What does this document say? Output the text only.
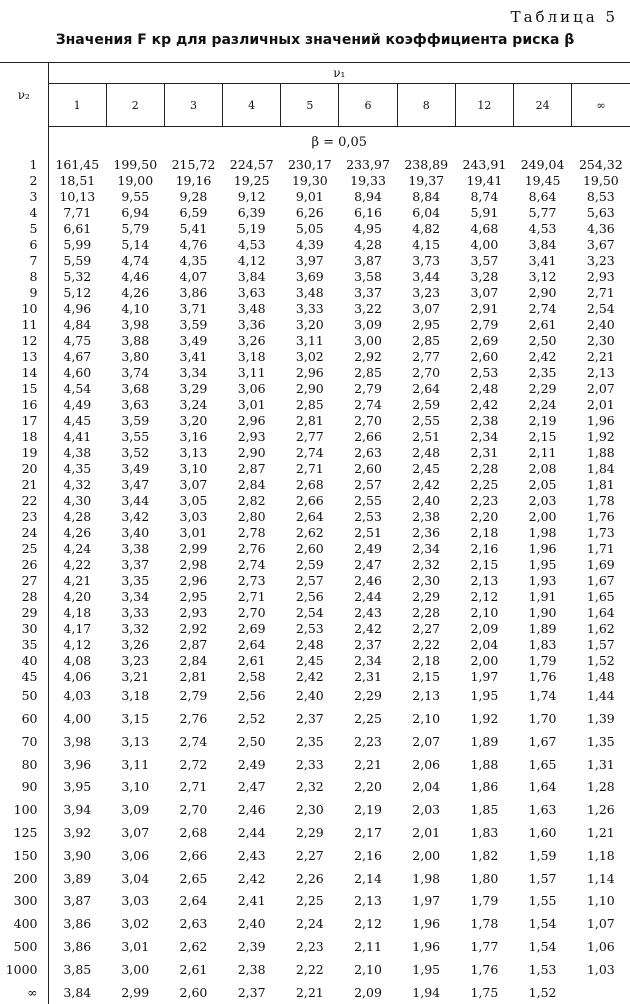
Таблица 5
Значения F кр для различных значений коэффициента риска β
ν₂	ν₁									
	1	2	3	4	5	6	8	12	24	∞
	β = 0,05									
1	161,45	199,50	215,72	224,57	230,17	233,97	238,89	243,91	249,04	254,32
2	18,51	19,00	19,16	19,25	19,30	19,33	19,37	19,41	19,45	19,50
3	10,13	9,55	9,28	9,12	9,01	8,94	8,84	8,74	8,64	8,53
4	7,71	6,94	6,59	6,39	6,26	6,16	6,04	5,91	5,77	5,63
5	6,61	5,79	5,41	5,19	5,05	4,95	4,82	4,68	4,53	4,36
6	5,99	5,14	4,76	4,53	4,39	4,28	4,15	4,00	3,84	3,67
7	5,59	4,74	4,35	4,12	3,97	3,87	3,73	3,57	3,41	3,23
8	5,32	4,46	4,07	3,84	3,69	3,58	3,44	3,28	3,12	2,93
9	5,12	4,26	3,86	3,63	3,48	3,37	3,23	3,07	2,90	2,71
10	4,96	4,10	3,71	3,48	3,33	3,22	3,07	2,91	2,74	2,54
11	4,84	3,98	3,59	3,36	3,20	3,09	2,95	2,79	2,61	2,40
12	4,75	3,88	3,49	3,26	3,11	3,00	2,85	2,69	2,50	2,30
13	4,67	3,80	3,41	3,18	3,02	2,92	2,77	2,60	2,42	2,21
14	4,60	3,74	3,34	3,11	2,96	2,85	2,70	2,53	2,35	2,13
15	4,54	3,68	3,29	3,06	2,90	2,79	2,64	2,48	2,29	2,07
16	4,49	3,63	3,24	3,01	2,85	2,74	2,59	2,42	2,24	2,01
17	4,45	3,59	3,20	2,96	2,81	2,70	2,55	2,38	2,19	1,96
18	4,41	3,55	3,16	2,93	2,77	2,66	2,51	2,34	2,15	1,92
19	4,38	3,52	3,13	2,90	2,74	2,63	2,48	2,31	2,11	1,88
20	4,35	3,49	3,10	2,87	2,71	2,60	2,45	2,28	2,08	1,84
21	4,32	3,47	3,07	2,84	2,68	2,57	2,42	2,25	2,05	1,81
22	4,30	3,44	3,05	2,82	2,66	2,55	2,40	2,23	2,03	1,78
23	4,28	3,42	3,03	2,80	2,64	2,53	2,38	2,20	2,00	1,76
24	4,26	3,40	3,01	2,78	2,62	2,51	2,36	2,18	1,98	1,73
25	4,24	3,38	2,99	2,76	2,60	2,49	2,34	2,16	1,96	1,71
26	4,22	3,37	2,98	2,74	2,59	2,47	2,32	2,15	1,95	1,69
27	4,21	3,35	2,96	2,73	2,57	2,46	2,30	2,13	1,93	1,67
28	4,20	3,34	2,95	2,71	2,56	2,44	2,29	2,12	1,91	1,65
29	4,18	3,33	2,93	2,70	2,54	2,43	2,28	2,10	1,90	1,64
30	4,17	3,32	2,92	2,69	2,53	2,42	2,27	2,09	1,89	1,62
35	4,12	3,26	2,87	2,64	2,48	2,37	2,22	2,04	1,83	1,57
40	4,08	3,23	2,84	2,61	2,45	2,34	2,18	2,00	1,79	1,52
45	4,06	3,21	2,81	2,58	2,42	2,31	2,15	1,97	1,76	1,48
50	4,03	3,18	2,79	2,56	2,40	2,29	2,13	1,95	1,74	1,44
60	4,00	3,15	2,76	2,52	2,37	2,25	2,10	1,92	1,70	1,39
70	3,98	3,13	2,74	2,50	2,35	2,23	2,07	1,89	1,67	1,35
80	3,96	3,11	2,72	2,49	2,33	2,21	2,06	1,88	1,65	1,31
90	3,95	3,10	2,71	2,47	2,32	2,20	2,04	1,86	1,64	1,28
100	3,94	3,09	2,70	2,46	2,30	2,19	2,03	1,85	1,63	1,26
125	3,92	3,07	2,68	2,44	2,29	2,17	2,01	1,83	1,60	1,21
150	3,90	3,06	2,66	2,43	2,27	2,16	2,00	1,82	1,59	1,18
200	3,89	3,04	2,65	2,42	2,26	2,14	1,98	1,80	1,57	1,14
300	3,87	3,03	2,64	2,41	2,25	2,13	1,97	1,79	1,55	1,10
400	3,86	3,02	2,63	2,40	2,24	2,12	1,96	1,78	1,54	1,07
500	3,86	3,01	2,62	2,39	2,23	2,11	1,96	1,77	1,54	1,06
1000	3,85	3,00	2,61	2,38	2,22	2,10	1,95	1,76	1,53	1,03
∞	3,84	2,99	2,60	2,37	2,21	2,09	1,94	1,75	1,52	
